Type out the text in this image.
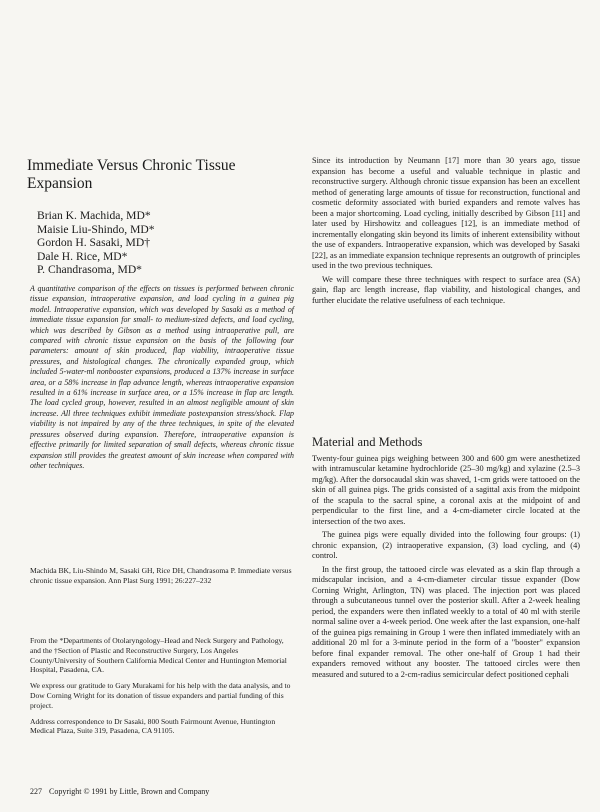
Immediate Versus Chronic Tissue Expansion
Brian K. Machida, MD*
Maisie Liu-Shindo, MD*
Gordon H. Sasaki, MD†
Dale H. Rice, MD*
P. Chandrasoma, MD*

A quantitative comparison of the effects on tissues is performed between chronic tissue expansion, intraoperative expansion, and load cycling in a guinea pig model. Intraoperative expansion, which was developed by Sasaki as a method of immediate tissue expansion for small- to medium-sized defects, and load cycling, which was described by Gibson as a method using intraoperative pull, are compared with chronic tissue expansion on the basis of the following four parameters: amount of skin produced, flap viability, intraoperative tissue pressures, and histological changes. The chronically expanded group, which included 5-water-ml nonbooster expansions, produced a 137% increase in surface area, or a 58% increase in flap advance length, whereas intraoperative expansion resulted in a 61% increase in surface area, or a 15% increase in flap arc length. The load cycled group, however, resulted in an almost negligible amount of skin increase. All three techniques exhibit immediate postexpansion stress/shock. Flap viability is not impaired by any of the three techniques, in spite of the elevated pressures observed during expansion. Therefore, intraoperative expansion is effective primarily for limited separation of small defects, whereas chronic tissue expansion still provides the greatest amount of skin increase when compared with other techniques.

Machida BK, Liu-Shindo M, Sasaki GH, Rice DH, Chandrasoma P. Immediate versus chronic tissue expansion. Ann Plast Surg 1991; 26:227–232

From the *Departments of Otolaryngology–Head and Neck Surgery and Pathology, and the †Section of Plastic and Reconstructive Surgery, Los Angeles County/University of Southern California Medical Center and Huntington Memorial Hospital, Pasadena, CA.

We express our gratitude to Gary Murakami for his help with the data analysis, and to Dow Corning Wright for its donation of tissue expanders and partial funding of this project.

Address correspondence to Dr Sasaki, 800 South Fairmount Avenue, Huntington Medical Plaza, Suite 319, Pasadena, CA 91105.

227 Copyright © 1991 by Little, Brown and Company

Since its introduction by Neumann [17] more than 30 years ago, tissue expansion has become a useful and valuable technique in plastic and reconstructive surgery. Although chronic tissue expansion has been an excellent method of generating large amounts of tissue for reconstruction, functional and cosmetic deformity associated with buried expanders and remote valves has been a major shortcoming. Load cycling, initially described by Gibson [11] and later used by Hirshowitz and colleagues [12], is an immediate method of incrementally elongating skin beyond its limits of inherent extensibility without the use of expanders. Intraoperative expansion, which was developed by Sasaki [22], as an immediate expansion technique represents an outgrowth of principles used in the two previous techniques.

We will compare these three techniques with respect to surface area (SA) gain, flap arc length increase, flap viability, and histological changes, and further elucidate the relative usefulness of each technique.

Material and Methods

Twenty-four guinea pigs weighing between 300 and 600 gm were anesthetized with intramuscular ketamine hydrochloride (25–30 mg/kg) and xylazine (2.5–3 mg/kg). After the dorsocaudal skin was shaved, 1-cm grids were tattooed on the skin of all guinea pigs. The grids consisted of a sagittal axis from the midpoint of the scapula to the sacral spine, a coronal axis at the midpoint of and perpendicular to the first line, and a 4-cm-diameter circle located at the intersection of the two axes.

The guinea pigs were equally divided into the following four groups: (1) chronic expansion, (2) intraoperative expansion, (3) load cycling, and (4) control.

In the first group, the tattooed circle was elevated as a skin flap through a midscapular incision, and a 4-cm-diameter circular tissue expander (Dow Corning Wright, Arlington, TN) was placed. The injection port was placed through a subcutaneous tunnel over the posterior skull. After a 2-week healing period, the expanders were then inflated weekly to a total of 40 ml with sterile normal saline over a 4-week period. One week after the last expansion, one-half of the guinea pigs remaining in Group 1 were then inflated immediately with an additional 20 ml for a 3-minute period in the form of a "booster" expansion before final expander removal. The other one-half of Group 1 had their expanders removed without any booster. The tattooed circles were then measured and sutured to a 2-cm-radius semicircular defect positioned cephali
